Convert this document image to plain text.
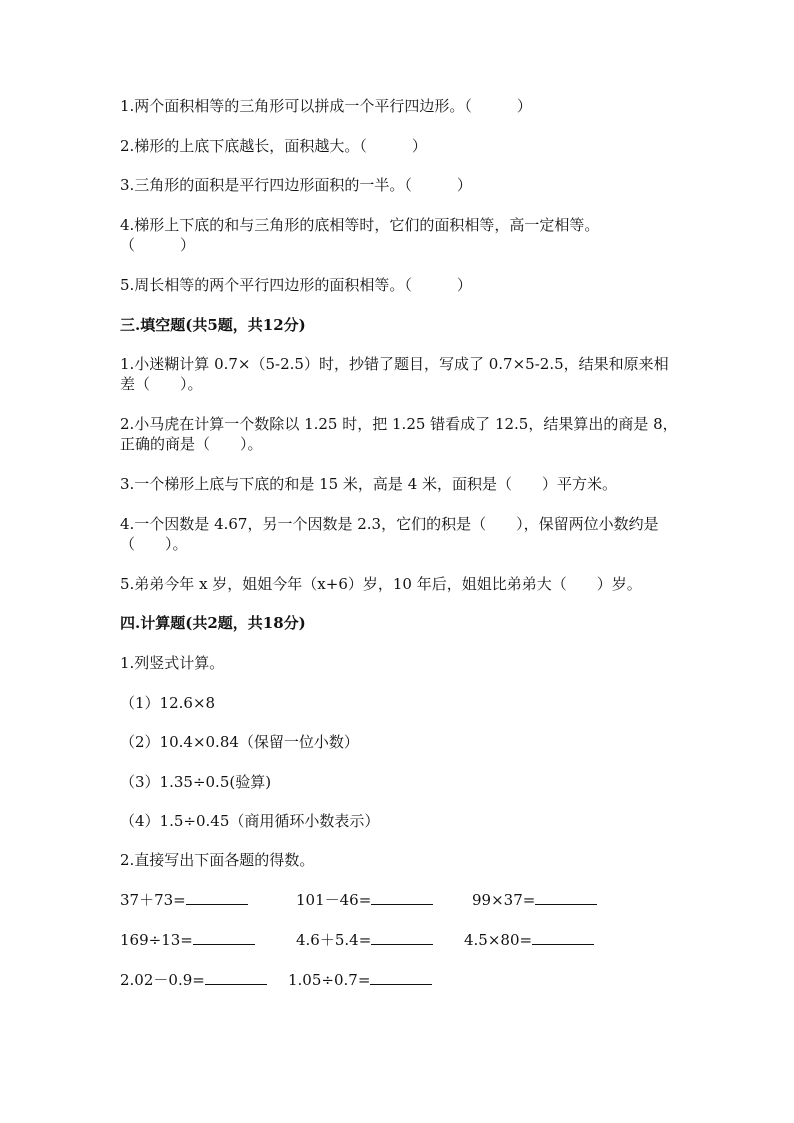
1.两个面积相等的三角形可以拼成一个平行四边形。（　　　）
2.梯形的上底下底越长，面积越大。（　　　）
3.三角形的面积是平行四边形面积的一半。（　　　）
4.梯形上下底的和与三角形的底相等时，它们的面积相等，高一定相等。（　　　）
5.周长相等的两个平行四边形的面积相等。（　　　）
三.填空题(共5题，共12分)
1.小迷糊计算 0.7×（5-2.5）时，抄错了题目，写成了 0.7×5-2.5，结果和原来相差（　　）。
2.小马虎在计算一个数除以 1.25 时，把 1.25 错看成了 12.5，结果算出的商是 8，正确的商是（　　）。
3.一个梯形上底与下底的和是 15 米，高是 4 米，面积是（　　）平方米。
4.一个因数是 4.67，另一个因数是 2.3，它们的积是（　　），保留两位小数约是（　　）。
5.弟弟今年 x 岁，姐姐今年（x+6）岁，10 年后，姐姐比弟弟大（　　）岁。
四.计算题(共2题，共18分)
1.列竖式计算。
（1）12.6×8
（2）10.4×0.84（保留一位小数）
（3）1.35÷0.5(验算)
（4）1.5÷0.45（商用循环小数表示）
2.直接写出下面各题的得数。
37＋73=	101－46=	99×37=
169÷13=	4.6＋5.4=	4.5×80=
2.02－0.9=	1.05÷0.7=
